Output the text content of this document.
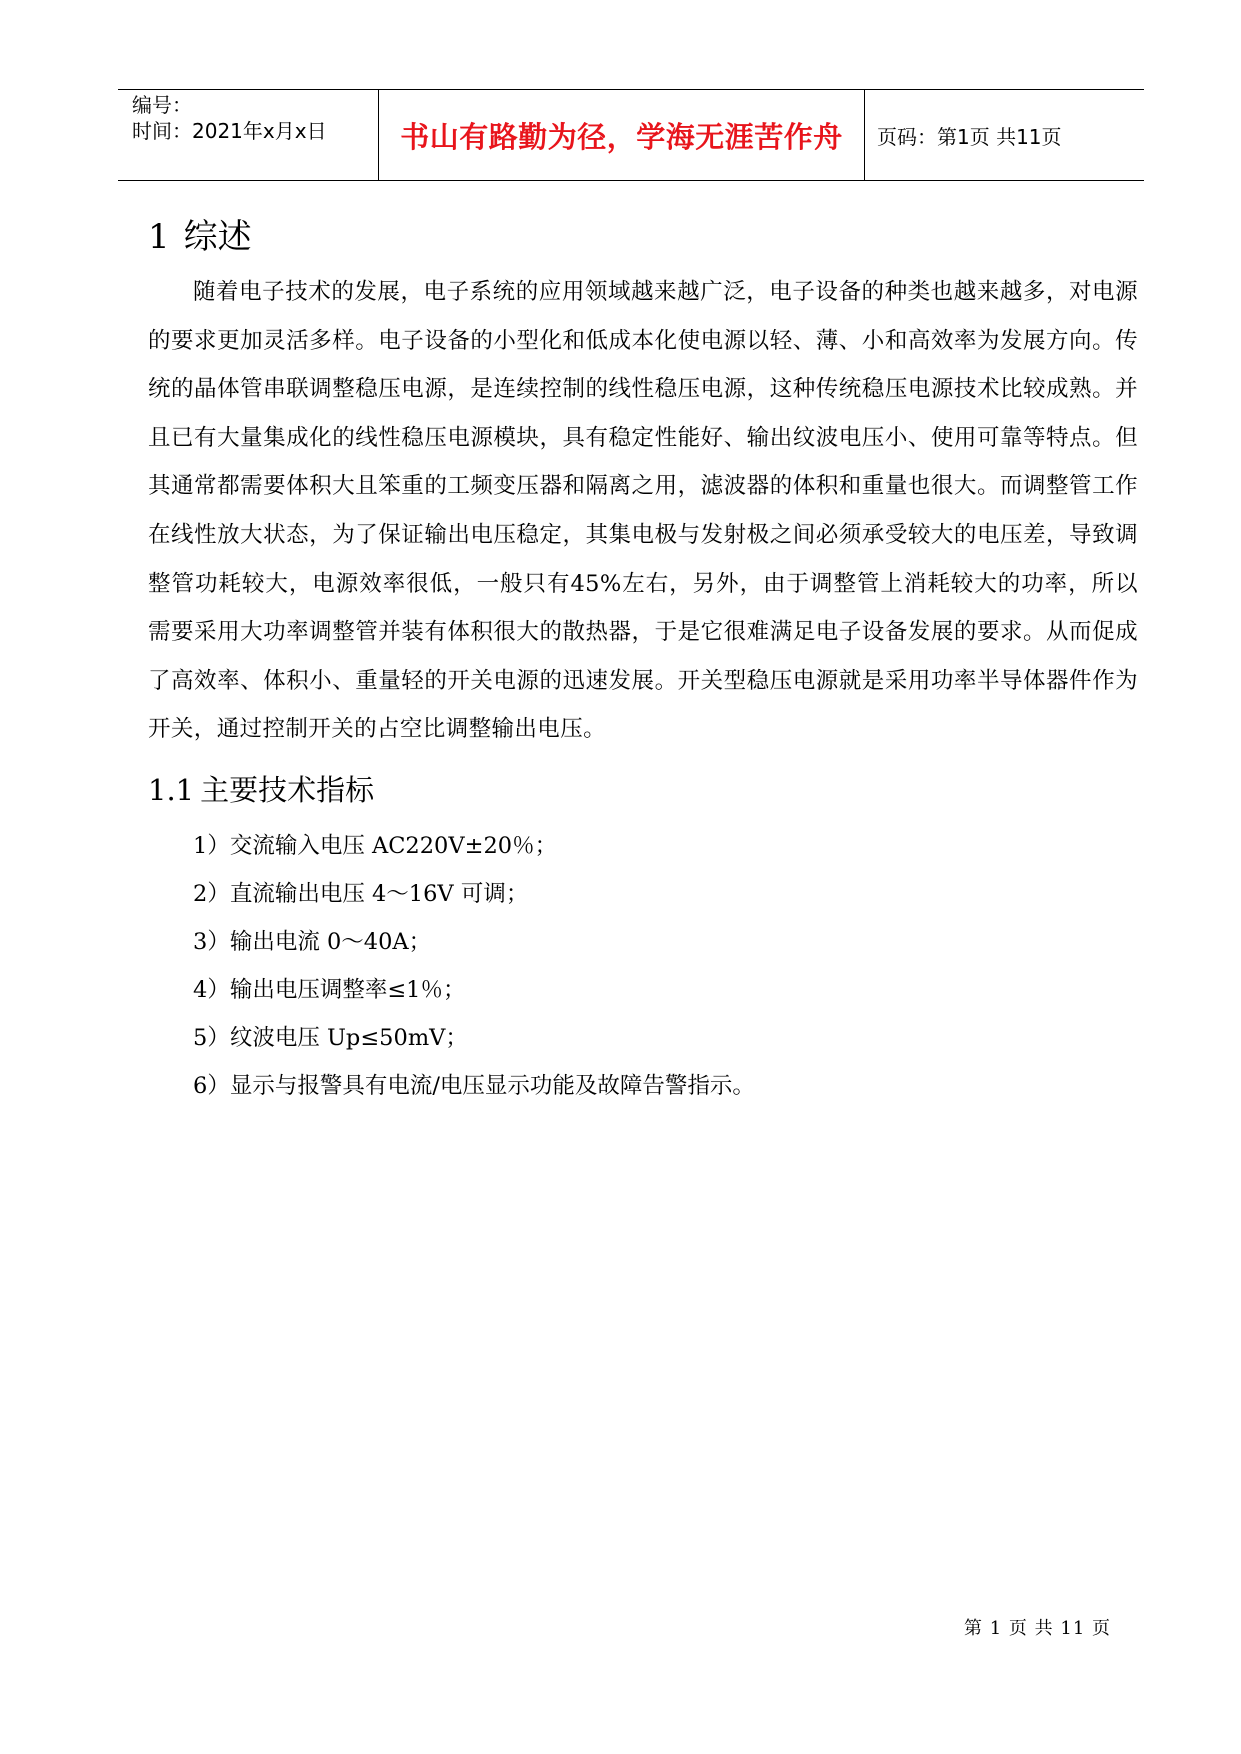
编号：
时间：2021年x月x日	书山有路勤为径，学海无涯苦作舟 页码：第1页 共11页
1 综述

随着电子技术的发展，电子系统的应用领域越来越广泛，电子设备的种类也越来越多，对电源的要求更加灵活多样。电子设备的小型化和低成本化使电源以轻、薄、小和高效率为发展方向。传统的晶体管串联调整稳压电源，是连续控制的线性稳压电源，这种传统稳压电源技术比较成熟。并且已有大量集成化的线性稳压电源模块，具有稳定性能好、输出纹波电压小、使用可靠等特点。但其通常都需要体积大且笨重的工频变压器和隔离之用，滤波器的体积和重量也很大。而调整管工作在线性放大状态，为了保证输出电压稳定，其集电极与发射极之间必须承受较大的电压差，导致调整管功耗较大，电源效率很低，一般只有45%左右，另外，由于调整管上消耗较大的功率，所以需要采用大功率调整管并装有体积很大的散热器，于是它很难满足电子设备发展的要求。从而促成了高效率、体积小、重量轻的开关电源的迅速发展。开关型稳压电源就是采用功率半导体器件作为开关，通过控制开关的占空比调整输出电压。

1.1 主要技术指标
1）交流输入电压 AC220V±20％；
2）直流输出电压 4～16V 可调；
3）输出电流 0～40A；
4）输出电压调整率≤1％；
5）纹波电压 Up≤50mV；
6）显示与报警具有电流/电压显示功能及故障告警指示。
第 1 页 共 11 页
